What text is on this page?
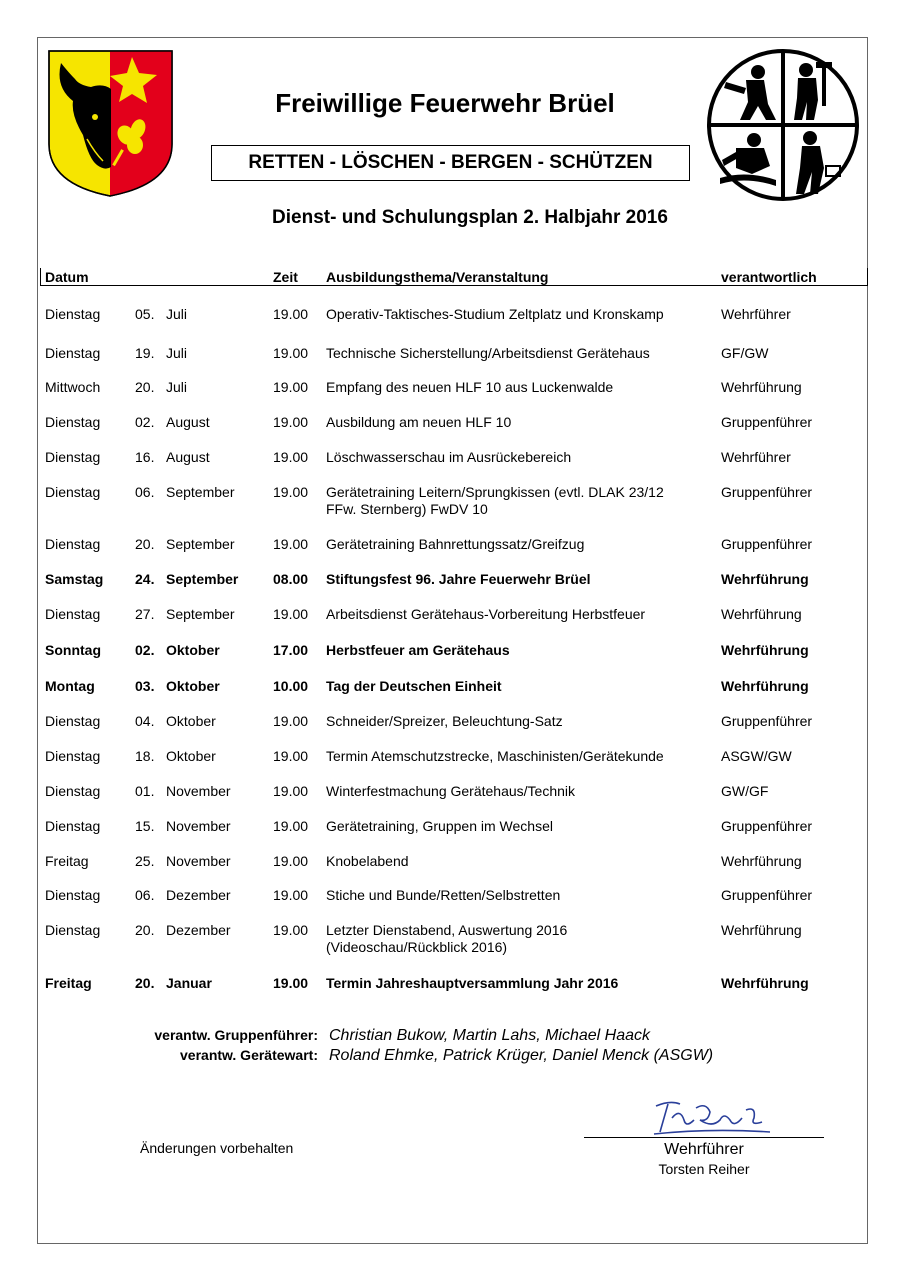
Freiwillige Feuerwehr Brüel
RETTEN - LÖSCHEN - BERGEN - SCHÜTZEN
Dienst- und Schulungsplan 2. Halbjahr 2016
Datum	Zeit Ausbildungsthema/Veranstaltung	verantwortlich
Dienstag 05. Juli	19.00 Operativ-Taktisches-Studium Zeltplatz und Kronskamp	Wehrführer
Dienstag 19. Juli	19.00 Technische Sicherstellung/Arbeitsdienst Gerätehaus	GF/GW
Mittwoch 20. Juli	19.00 Empfang des neuen HLF 10 aus Luckenwalde	Wehrführung
Dienstag 02. August	19.00 Ausbildung am neuen HLF 10	Gruppenführer
Dienstag 16. August	19.00 Löschwasserschau im Ausrückebereich	Wehrführer
Dienstag 06. September	19.00 Gerätetraining Leitern/Sprungkissen (evtl. DLAK 23/12	Gruppenführer
FFw. Sternberg) FwDV 10
Dienstag 20. September	19.00 Gerätetraining Bahnrettungssatz/Greifzug	Gruppenführer
Samstag 24. September 08.00 Stiftungsfest 96. Jahre Feuerwehr Brüel	Wehrführung
Dienstag 27. September	19.00 Arbeitsdienst Gerätehaus-Vorbereitung Herbstfeuer	Wehrführung
Sonntag 02. Oktober	17.00 Herbstfeuer am Gerätehaus	Wehrführung
Montag	03. Oktober	10.00 Tag der Deutschen Einheit	Wehrführung
Dienstag 04. Oktober	19.00 Schneider/Spreizer, Beleuchtung-Satz	Gruppenführer
Dienstag 18. Oktober	19.00 Termin Atemschutzstrecke, Maschinisten/Gerätekunde	ASGW/GW
Dienstag 01. November	19.00 Winterfestmachung Gerätehaus/Technik	GW/GF
Dienstag 15. November	19.00 Gerätetraining, Gruppen im Wechsel	Gruppenführer
Freitag	25. November	19.00 Knobelabend	Wehrführung
Dienstag 06. Dezember	19.00 Stiche und Bunde/Retten/Selbstretten	Gruppenführer
Dienstag 20. Dezember	19.00 Letzter Dienstabend, Auswertung 2016	Wehrführung
(Videoschau/Rückblick 2016)
Freitag	20. Januar	19.00 Termin Jahreshauptversammlung Jahr 2016	Wehrführung
verantw. Gruppenführer: Christian Bukow, Martin Lahs, Michael Haack
verantw. Gerätewart: Roland Ehmke, Patrick Krüger, Daniel Menck (ASGW)
Änderungen vorbehalten	Wehrführer
Torsten Reiher
